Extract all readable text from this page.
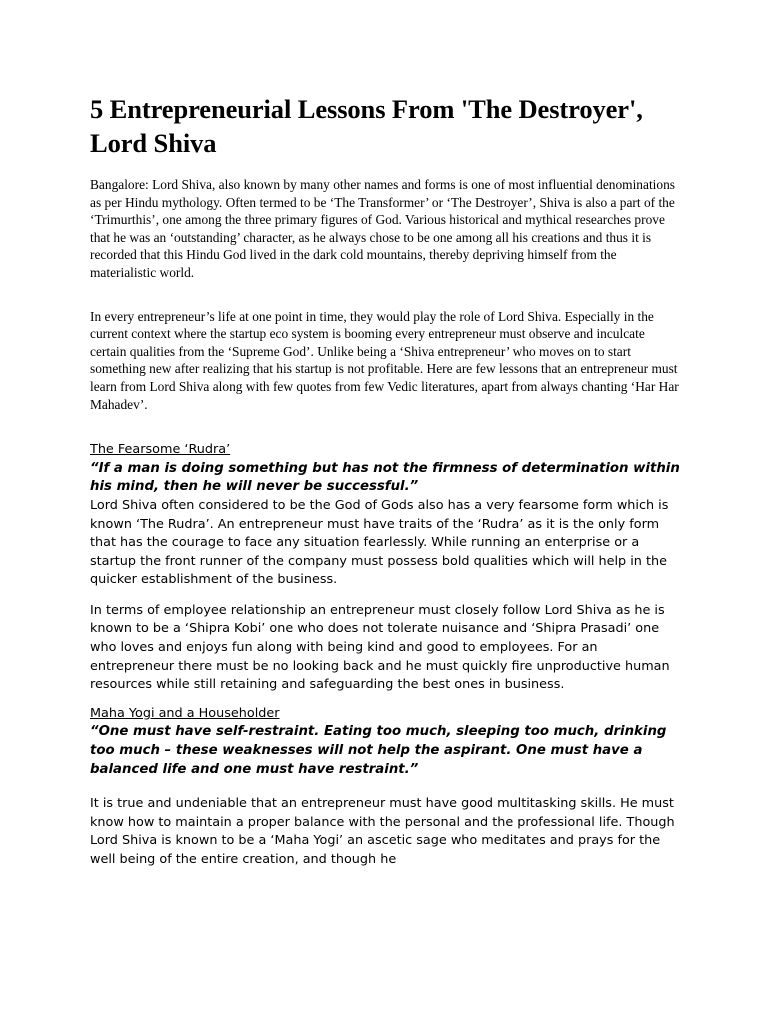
5 Entrepreneurial Lessons From 'The Destroyer', Lord Shiva

Bangalore: Lord Shiva, also known by many other names and forms is one of most influential denominations as per Hindu mythology. Often termed to be ‘The Transformer’ or ‘The Destroyer’, Shiva is also a part of the ‘Trimurthis’, one among the three primary figures of God. Various historical and mythical researches prove that he was an ‘outstanding’ character, as he always chose to be one among all his creations and thus it is recorded that this Hindu God lived in the dark cold mountains, thereby depriving himself from the materialistic world.

In every entrepreneur’s life at one point in time, they would play the role of Lord Shiva. Especially in the current context where the startup eco system is booming every entrepreneur must observe and inculcate certain qualities from the ‘Supreme God’. Unlike being a ‘Shiva entrepreneur’ who moves on to start something new after realizing that his startup is not profitable. Here are few lessons that an entrepreneur must learn from Lord Shiva along with few quotes from few Vedic literatures, apart from always chanting ‘Har Har Mahadev’.

The Fearsome ‘Rudra’

“If a man is doing something but has not the firmness of determination within his mind, then he will never be successful.”

Lord Shiva often considered to be the God of Gods also has a very fearsome form which is known ‘The Rudra’. An entrepreneur must have traits of the ‘Rudra’ as it is the only form that has the courage to face any situation fearlessly. While running an enterprise or a startup the front runner of the company must possess bold qualities which will help in the quicker establishment of the business.

In terms of employee relationship an entrepreneur must closely follow Lord Shiva as he is known to be a ‘Shipra Kobi’ one who does not tolerate nuisance and ‘Shipra Prasadi’ one who loves and enjoys fun along with being kind and good to employees. For an entrepreneur there must be no looking back and he must quickly fire unproductive human resources while still retaining and safeguarding the best ones in business.

Maha Yogi and a Householder

“One must have self-restraint. Eating too much, sleeping too much, drinking too much – these weaknesses will not help the aspirant. One must have a balanced life and one must have restraint.”

It is true and undeniable that an entrepreneur must have good multitasking skills. He must know how to maintain a proper balance with the personal and the professional life. Though Lord Shiva is known to be a ‘Maha Yogi’ an ascetic sage who meditates and prays for the well being of the entire creation, and though he
